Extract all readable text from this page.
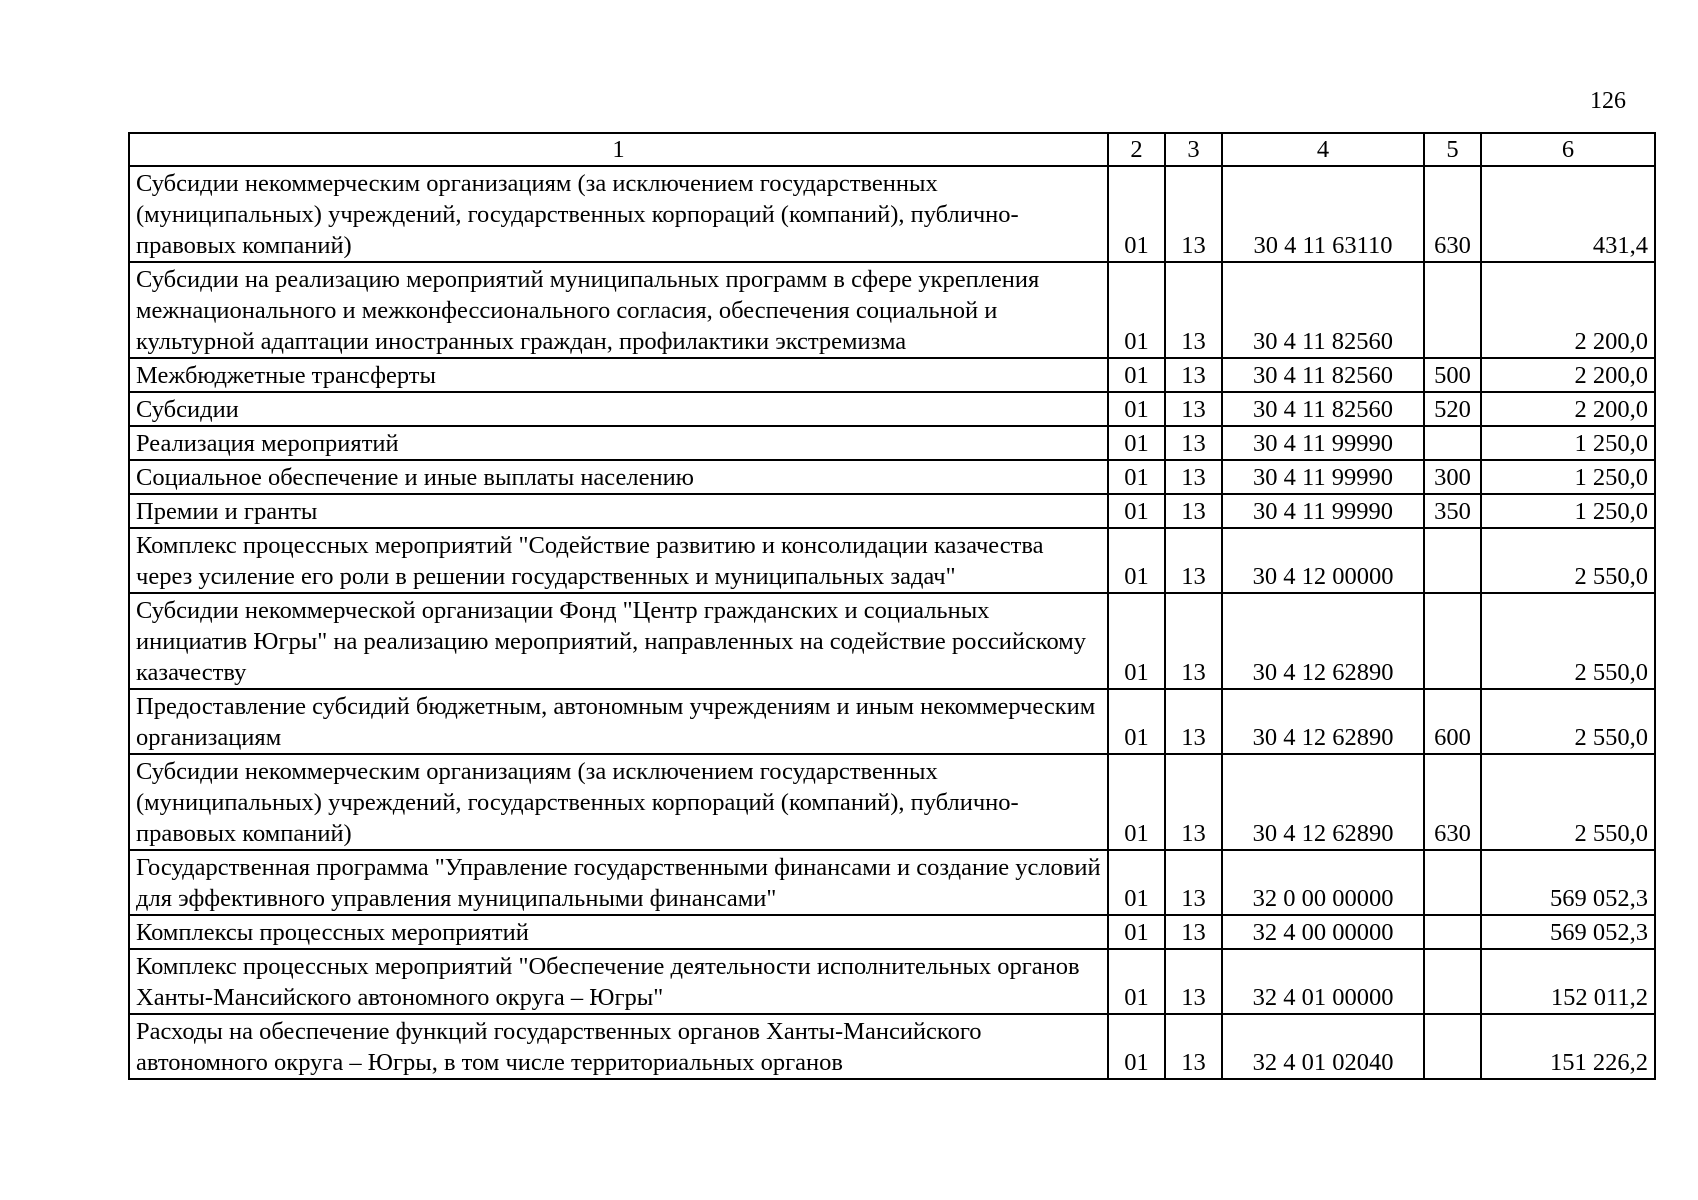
126
1	2	3	4	5	6
Субсидии некоммерческим организациям (за исключением государственных (муниципальных) учреждений, государственных корпораций (компаний), публично-правовых компаний)	01	13	30 4 11 63110	630	431,4
Субсидии на реализацию мероприятий муниципальных программ в сфере укрепления межнационального и межконфессионального согласия, обеспечения социальной и культурной адаптации иностранных граждан, профилактики экстремизма	01	13	30 4 11 82560		2 200,0
Межбюджетные трансферты	01	13	30 4 11 82560	500	2 200,0
Субсидии	01	13	30 4 11 82560	520	2 200,0
Реализация мероприятий	01	13	30 4 11 99990		1 250,0
Социальное обеспечение и иные выплаты населению	01	13	30 4 11 99990	300	1 250,0
Премии и гранты	01	13	30 4 11 99990	350	1 250,0
Комплекс процессных мероприятий "Содействие развитию и консолидации казачества через усиление его роли в решении государственных и муниципальных задач"	01	13	30 4 12 00000		2 550,0
Субсидии некоммерческой организации Фонд "Центр гражданских и социальных инициатив Югры" на реализацию мероприятий, направленных на содействие российскому казачеству	01	13	30 4 12 62890		2 550,0
Предоставление субсидий бюджетным, автономным учреждениям и иным некоммерческим организациям	01	13	30 4 12 62890	600	2 550,0
Субсидии некоммерческим организациям (за исключением государственных (муниципальных) учреждений, государственных корпораций (компаний), публично-правовых компаний)	01	13	30 4 12 62890	630	2 550,0
Государственная программа "Управление государственными финансами и создание условий для эффективного управления муниципальными финансами"	01	13	32 0 00 00000		569 052,3
Комплексы процессных мероприятий	01	13	32 4 00 00000		569 052,3
Комплекс процессных мероприятий "Обеспечение деятельности исполнительных органов Ханты-Мансийского автономного округа – Югры"	01	13	32 4 01 00000		152 011,2
Расходы на обеспечение функций государственных органов Ханты-Мансийского автономного округа – Югры, в том числе территориальных органов	01	13	32 4 01 02040		151 226,2
